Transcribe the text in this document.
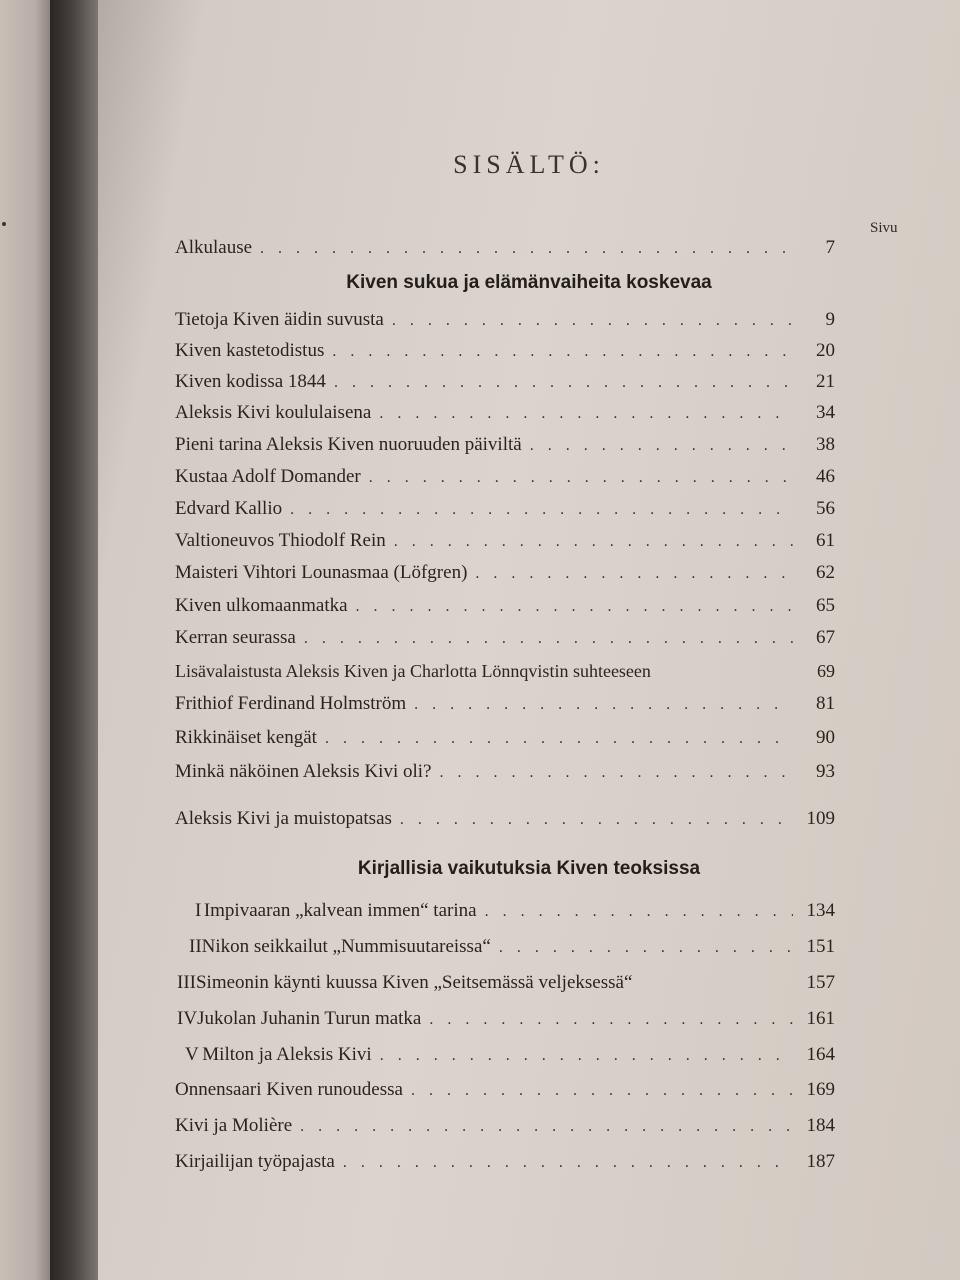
SISÄLTÖ:
Sivu
Alkulause . . .	7
Kiven sukua ja elämänvaiheita koskevaa
Tietoja Kiven äidin suvusta . . .	9
Kiven kastetodistus . . .	20
Kiven kodissa 1844 . . .	21
Aleksis Kivi koululaisena . . .	34
Pieni tarina Aleksis Kiven nuoruuden päiviltä . . .	38
Kustaa Adolf Domander . . .	46
Edvard Kallio . . .	56
Valtioneuvos Thiodolf Rein . . .	61
Maisteri Vihtori Lounasmaa (Löfgren) . . .	62
Kiven ulkomaanmatka . . .	65
Kerran seurassa . . .	67
Lisävalaistusta Aleksis Kiven ja Charlotta Lönnqvistin suhteeseen	69
Frithiof Ferdinand Holmström . . .	81
Rikkinäiset kengät . . .	90
Minkä näköinen Aleksis Kivi oli? . . .	93
Aleksis Kivi ja muistopatsas . . .	109
Kirjallisia vaikutuksia Kiven teoksissa
I Impivaaran „kalvean immen“ tarina . . .	134
II Nikon seikkailut „Nummisuutareissa“ . . .	151
III Simeonin käynti kuussa Kiven „Seitsemässä veljeksessä“	157
IV Jukolan Juhanin Turun matka . . .	161
V Milton ja Aleksis Kivi . . .	164
Onnensaari Kiven runoudessa . . .	169
Kivi ja Molière . . .	184
Kirjailijan työpajasta . . .	187
